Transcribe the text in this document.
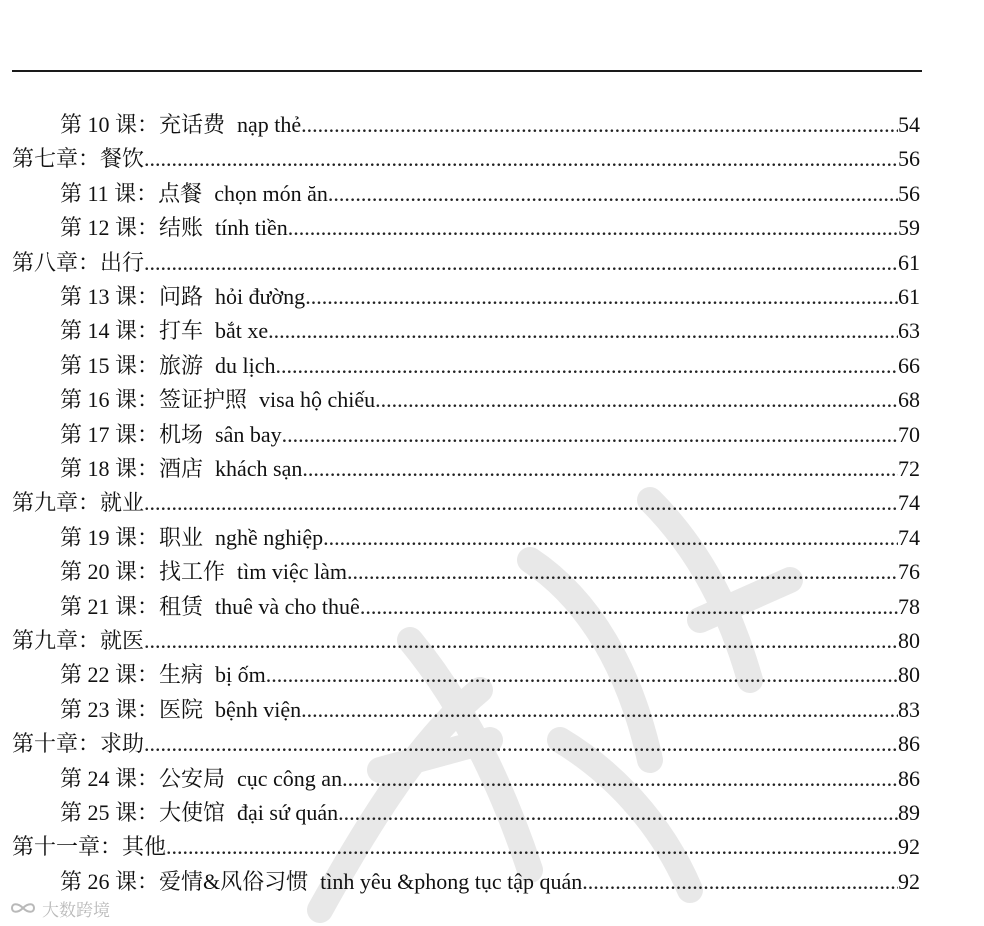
第 10 课：充话费 nạp thẻ .....	54
第七章：餐饮 .....	56
第 11 课：点餐 chọn món ăn .....	56
第 12 课：结账 tính tiền .....	59
第八章：出行 .....	61
第 13 课：问路 hỏi đường .....	61
第 14 课：打车 bắt xe .....	63
第 15 课：旅游 du lịch .....	66
第 16 课：签证护照 visa hộ chiếu .....	68
第 17 课：机场 sân bay .....	70
第 18 课：酒店 khách sạn .....	72
第九章：就业 .....	74
第 19 课：职业 nghề nghiệp .....	74
第 20 课：找工作 tìm việc làm .....	76
第 21 课：租赁 thuê và cho thuê .....	78
第九章：就医 .....	80
第 22 课：生病 bị ốm .....	80
第 23 课：医院 bệnh viện .....	83
第十章：求助 .....	86
第 24 课：公安局 cục công an .....	86
第 25 课：大使馆 đại sứ quán .....	89
第十一章：其他 .....	92
第 26 课：爱情&风俗习惯 tình yêu &phong tục tập quán .....	92
大数跨境
